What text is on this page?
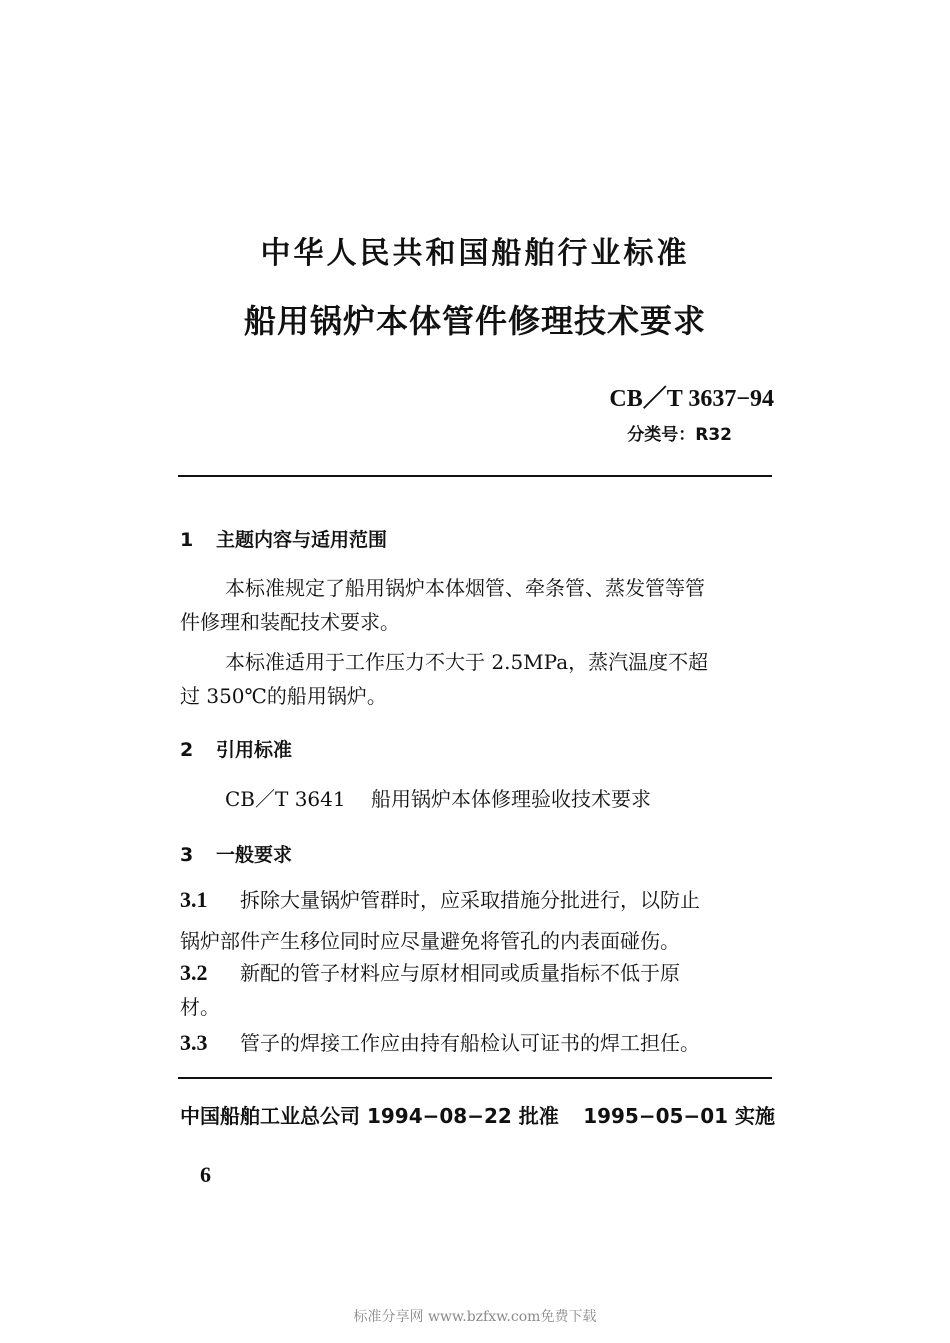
中华人民共和国船舶行业标准
船用锅炉本体管件修理技术要求
CB／T 3637−94
分类号：R32
1 主题内容与适用范围
本标准规定了船用锅炉本体烟管、牵条管、蒸发管等管
件修理和装配技术要求。
本标准适用于工作压力不大于 2.5MPa，蒸汽温度不超
过 350℃的船用锅炉。
2 引用标准
CB／T 3641 船用锅炉本体修理验收技术要求
3 一般要求
3.1 拆除大量锅炉管群时，应采取措施分批进行，以防止
锅炉部件产生移位同时应尽量避免将管孔的内表面碰伤。
3.2 新配的管子材料应与原材相同或质量指标不低于原
材。
3.3 管子的焊接工作应由持有船检认可证书的焊工担任。
中国船舶工业总公司 1994−08−22 批准 1995−05−01 实施
6
标准分享网 www.bzfxw.com免费下载
